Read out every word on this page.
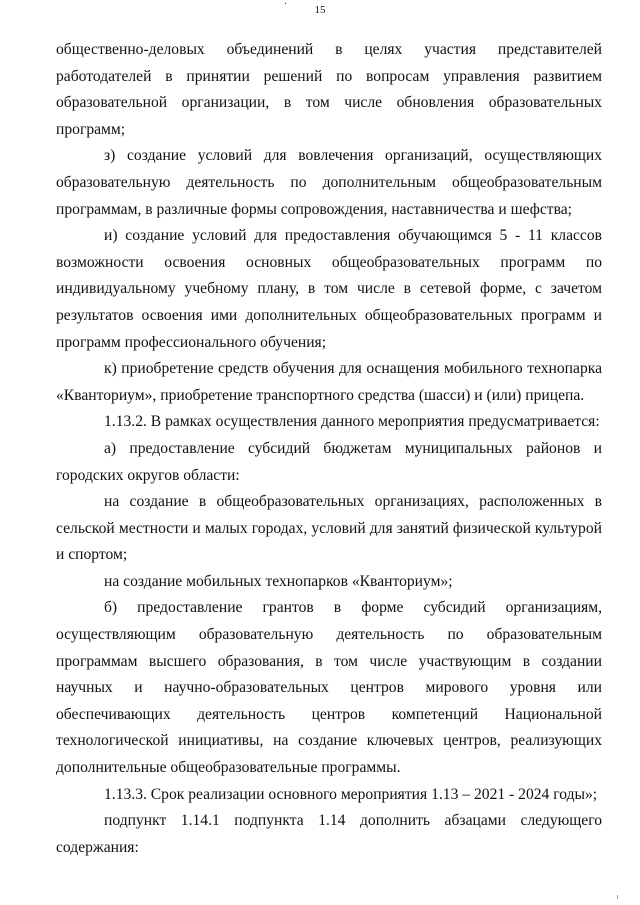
·	15

общественно-деловых объединений в целях участия представителей работодателей в принятии решений по вопросам управления развитием образовательной организации, в том числе обновления образовательных программ;

з) создание условий для вовлечения организаций, осуществляющих образовательную деятельность по дополнительным общеобразовательным программам, в различные формы сопровождения, наставничества и шефства;

и) создание условий для предоставления обучающимся 5 - 11 классов возможности освоения основных общеобразовательных программ по индивидуальному учебному плану, в том числе в сетевой форме, с зачетом результатов освоения ими дополнительных общеобразовательных программ и программ профессионального обучения;

к) приобретение средств обучения для оснащения мобильного технопарка «Кванториум», приобретение транспортного средства (шасси) и (или) прицепа.

1.13.2. В рамках осуществления данного мероприятия предусматривается:

а) предоставление субсидий бюджетам муниципальных районов и городских округов области:

на создание в общеобразовательных организациях, расположенных в сельской местности и малых городах, условий для занятий физической культурой и спортом;

на создание мобильных технопарков «Кванториум»;

б) предоставление грантов в форме субсидий организациям, осуществляющим образовательную деятельность по образовательным программам высшего образования, в том числе участвующим в создании научных и научно-образовательных центров мирового уровня или обеспечивающих деятельность центров компетенций Национальной технологической инициативы, на создание ключевых центров, реализующих дополнительные общеобразовательные программы.

1.13.3. Срок реализации основного мероприятия 1.13 – 2021 - 2024 годы»;

подпункт 1.14.1 подпункта 1.14 дополнить абзацами следующего содержания:
